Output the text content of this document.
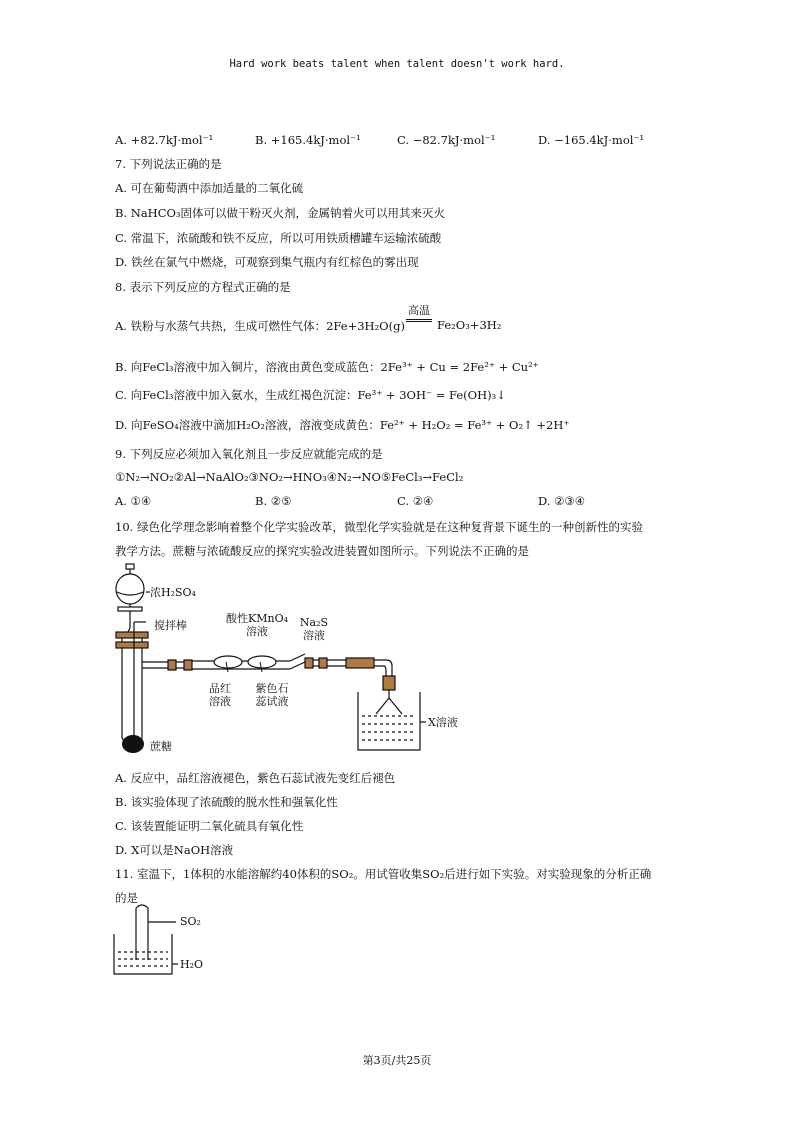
Hard work beats talent when talent doesn't work hard.
A. +82.7kJ·mol⁻¹	B. +165.4kJ·mol⁻¹	C. −82.7kJ·mol⁻¹	D. −165.4kJ·mol⁻¹
7. 下列说法正确的是
A. 可在葡萄酒中添加适量的二氧化硫
B. NaHCO₃固体可以做干粉灭火剂，金属钠着火可以用其来灭火
C. 常温下，浓硫酸和铁不反应，所以可用铁质槽罐车运输浓硫酸
D. 铁丝在氯气中燃烧，可观察到集气瓶内有红棕色的雾出现
8. 表示下列反应的方程式正确的是
A. 铁粉与水蒸气共热，生成可燃性气体：2Fe+3H₂O(g)
高温
Fe₂O₃+3H₂
B. 向FeCl₃溶液中加入铜片，溶液由黄色变成蓝色：2Fe³⁺ + Cu = 2Fe²⁺ + Cu²⁺
C. 向FeCl₃溶液中加入氨水，生成红褐色沉淀：Fe³⁺ + 3OH⁻ = Fe(OH)₃↓
D. 向FeSO₄溶液中滴加H₂O₂溶液，溶液变成黄色：Fe²⁺ + H₂O₂ = Fe³⁺ + O₂↑ +2H⁺
9. 下列反应必须加入氧化剂且一步反应就能完成的是
①N₂→NO₂②Al→NaAlO₂③NO₂→HNO₃④N₂→NO⑤FeCl₃→FeCl₂
A. ①④	B. ②⑤	C. ②④	D. ②③④
10. 绿色化学理念影响着整个化学实验改革，微型化学实验就是在这种复背景下诞生的一种创新性的实验
教学方法。蔗糖与浓硫酸反应的探究实验改进装置如图所示。下列说法不正确的是
浓H₂SO₄
搅拌棒
酸性KMnO₄
溶液
Na₂S
溶液
品红
溶液
紫色石
蕊试液
X溶液
蔗糖
A. 反应中，品红溶液褪色，紫色石蕊试液先变红后褪色
B. 该实验体现了浓硫酸的脱水性和强氧化性
C. 该装置能证明二氧化硫具有氧化性
D. X可以是NaOH溶液
11. 室温下，1体积的水能溶解约40体积的SO₂。用试管收集SO₂后进行如下实验。对实验现象的分析正确
的是
SO₂
H₂O
第3页/共25页
